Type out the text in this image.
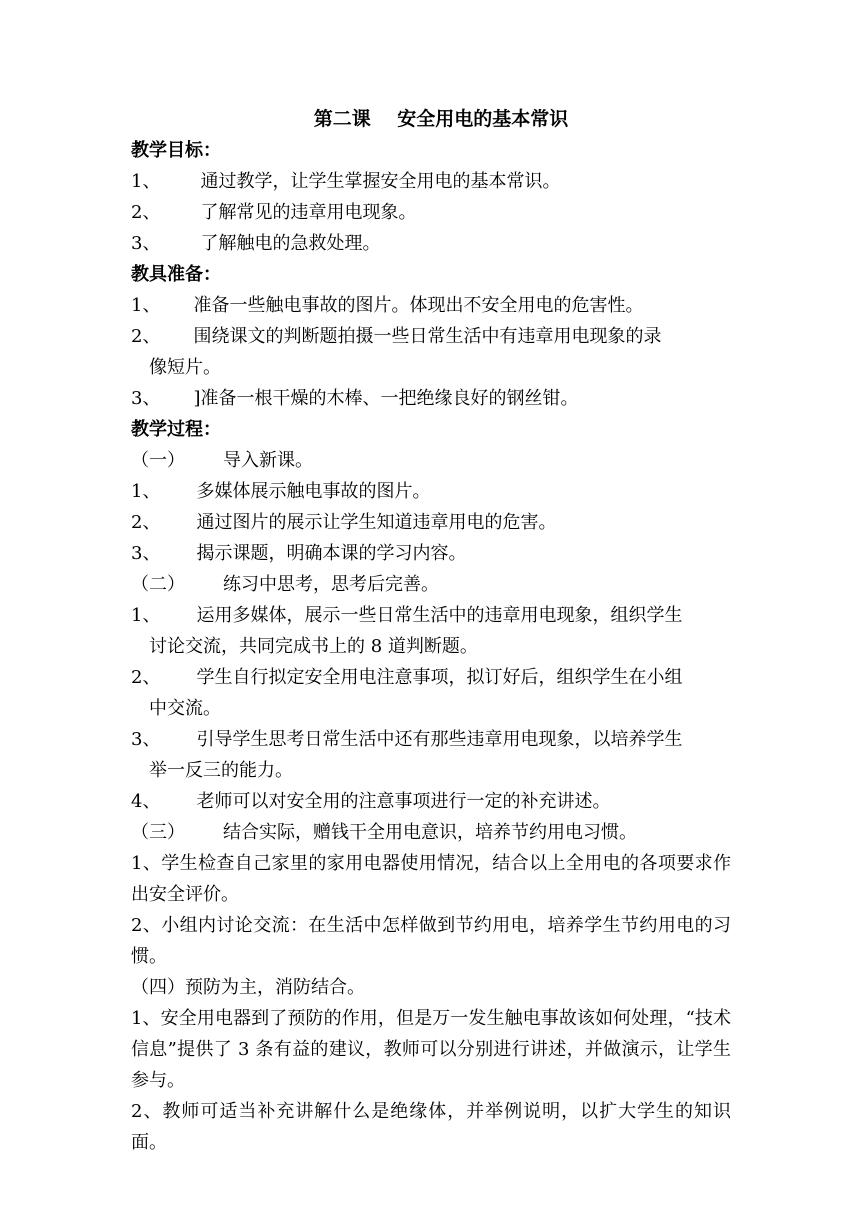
第二课    安全用电的基本常识
教学目标：
1、 通过教学，让学生掌握安全用电的基本常识。
2、 了解常见的违章用电现象。
3、 了解触电的急救处理。
教具准备：
1、 准备一些触电事故的图片。体现出不安全用电的危害性。
2、 围绕课文的判断题拍摄一些日常生活中有违章用电现象的录
像短片。
3、 ]准备一根干燥的木棒、一把绝缘良好的钢丝钳。
教学过程：
（一） 导入新课。
1、 多媒体展示触电事故的图片。
2、 通过图片的展示让学生知道违章用电的危害。
3、 揭示课题，明确本课的学习内容。
（二） 练习中思考，思考后完善。
1、 运用多媒体，展示一些日常生活中的违章用电现象，组织学生
讨论交流，共同完成书上的 8 道判断题。
2、 学生自行拟定安全用电注意事项，拟订好后，组织学生在小组
中交流。
3、 引导学生思考日常生活中还有那些违章用电现象，以培养学生
举一反三的能力。
4、 老师可以对安全用的注意事项进行一定的补充讲述。
（三） 结合实际，赠钱干全用电意识，培养节约用电习惯。
1、学生检查自己家里的家用电器使用情况，结合以上全用电的各项要求作出安全评价。
2、小组内讨论交流：在生活中怎样做到节约用电，培养学生节约用电的习惯。
（四）预防为主，消防结合。
1、安全用电器到了预防的作用，但是万一发生触电事故该如何处理，“技术信息”提供了 3 条有益的建议，教师可以分别进行讲述，并做演示，让学生参与。
2、教师可适当补充讲解什么是绝缘体，并举例说明，以扩大学生的知识面。
